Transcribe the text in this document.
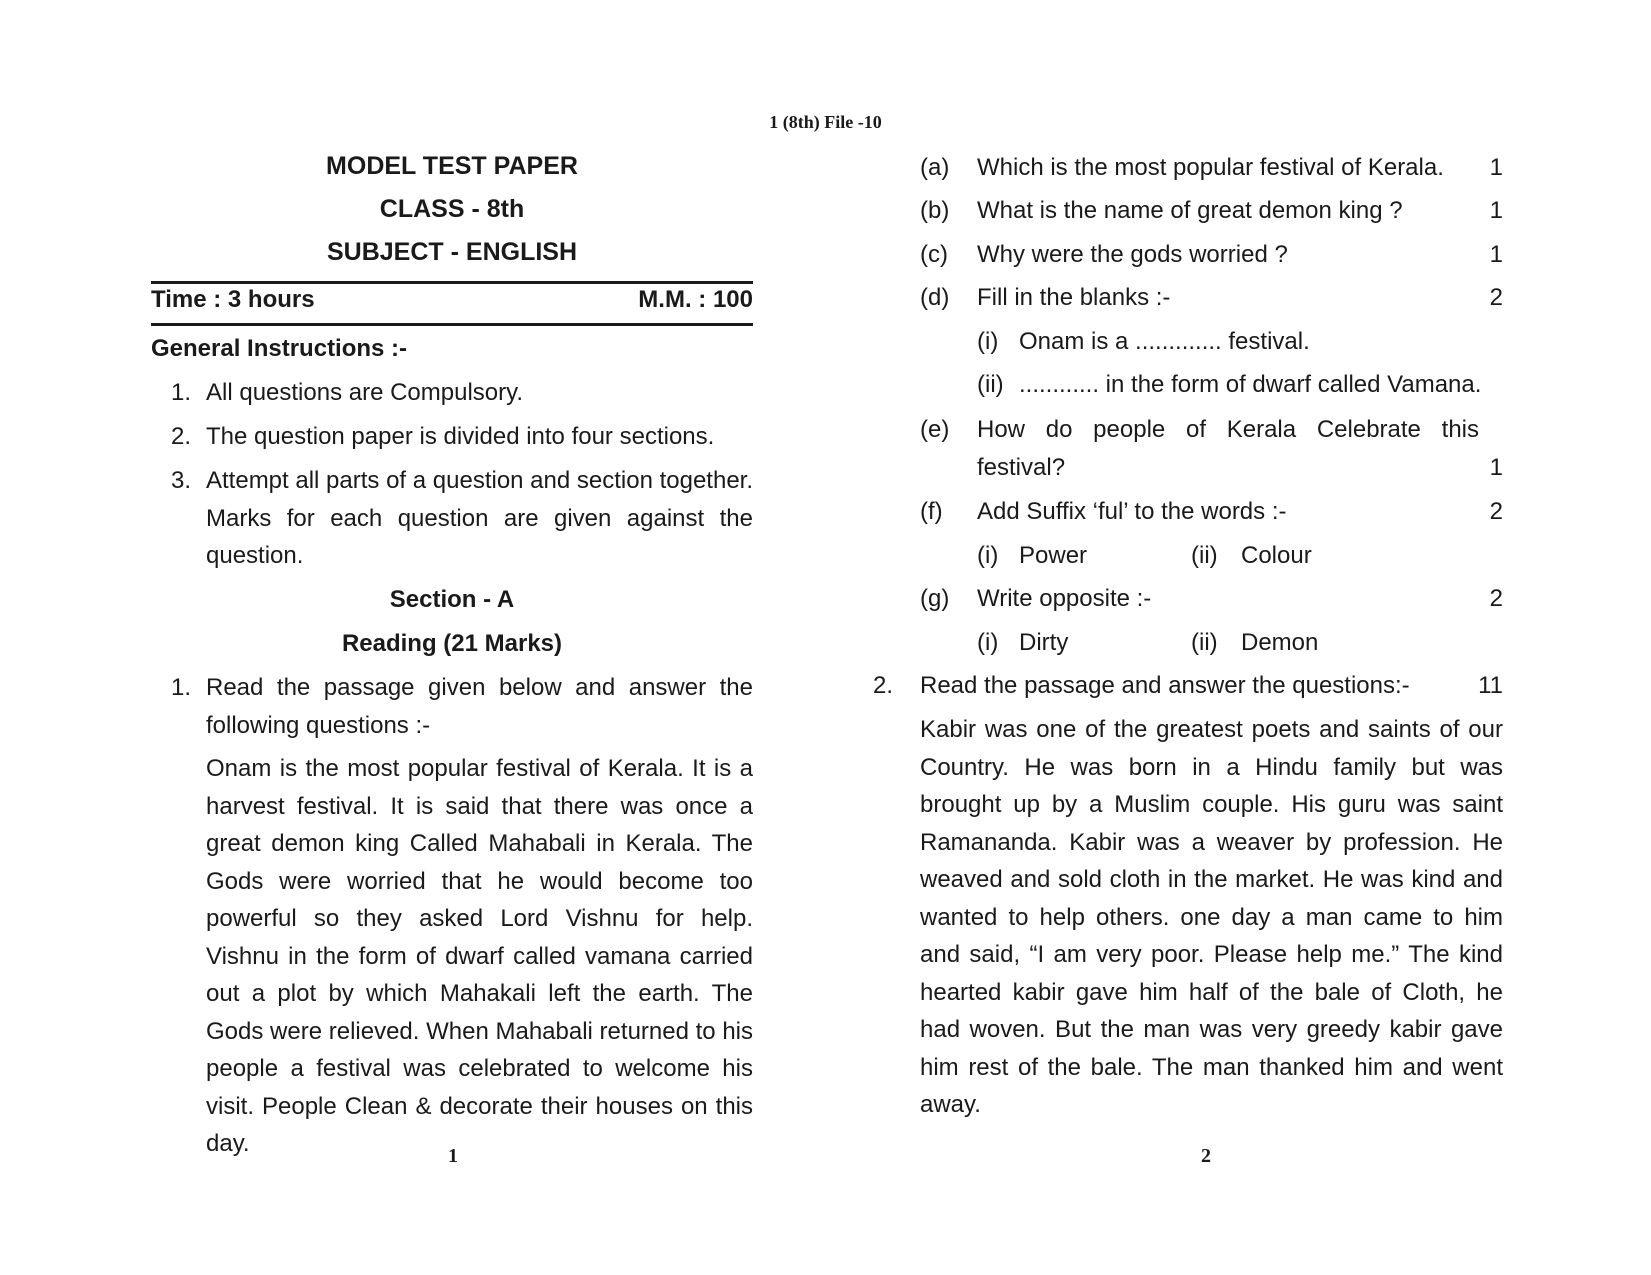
1 (8th) File -10
MODEL TEST PAPER
CLASS - 8th
SUBJECT - ENGLISH
Time : 3 hours	M.M. : 100
General Instructions :-
1. All questions are Compulsory.
2. The question paper is divided into four sections.
3. Attempt all parts of a question and section together. Marks for each question are given against the question.
Section - A
Reading (21 Marks)
1. Read the passage given below and answer the following questions :-
Onam is the most popular festival of Kerala. It is a harvest festival. It is said that there was once a great demon king Called Mahabali in Kerala. The Gods were worried that he would become too powerful so they asked Lord Vishnu for help. Vishnu in the form of dwarf called vamana carried out a plot by which Mahakali left the earth. The Gods were relieved. When Mahabali returned to his people a festival was celebrated to welcome his visit. People Clean & decorate their houses on this day.	1
(a) Which is the most popular festival of Kerala.	1
(b) What is the name of great demon king ?	1
(c) Why were the gods worried ?	1
(d) Fill in the blanks :-	2
(i) Onam is a ............. festival.
(ii) ............ in the form of dwarf called Vamana.
(e) How do people of Kerala Celebrate this festival?	1
(f) Add Suffix ‘ful’ to the words :-	2
(i) Power	(ii) Colour
(g) Write opposite :-	2
(i) Dirty	(ii) Demon
2. Read the passage and answer the questions:-	11
Kabir was one of the greatest poets and saints of our Country. He was born in a Hindu family but was brought up by a Muslim couple. His guru was saint Ramananda. Kabir was a weaver by profession. He weaved and sold cloth in the market. He was kind and wanted to help others. one day a man came to him and said, “I am very poor. Please help me.” The kind hearted kabir gave him half of the bale of Cloth, he had woven. But the man was very greedy kabir gave him rest of the bale. The man thanked him and went away.
2
